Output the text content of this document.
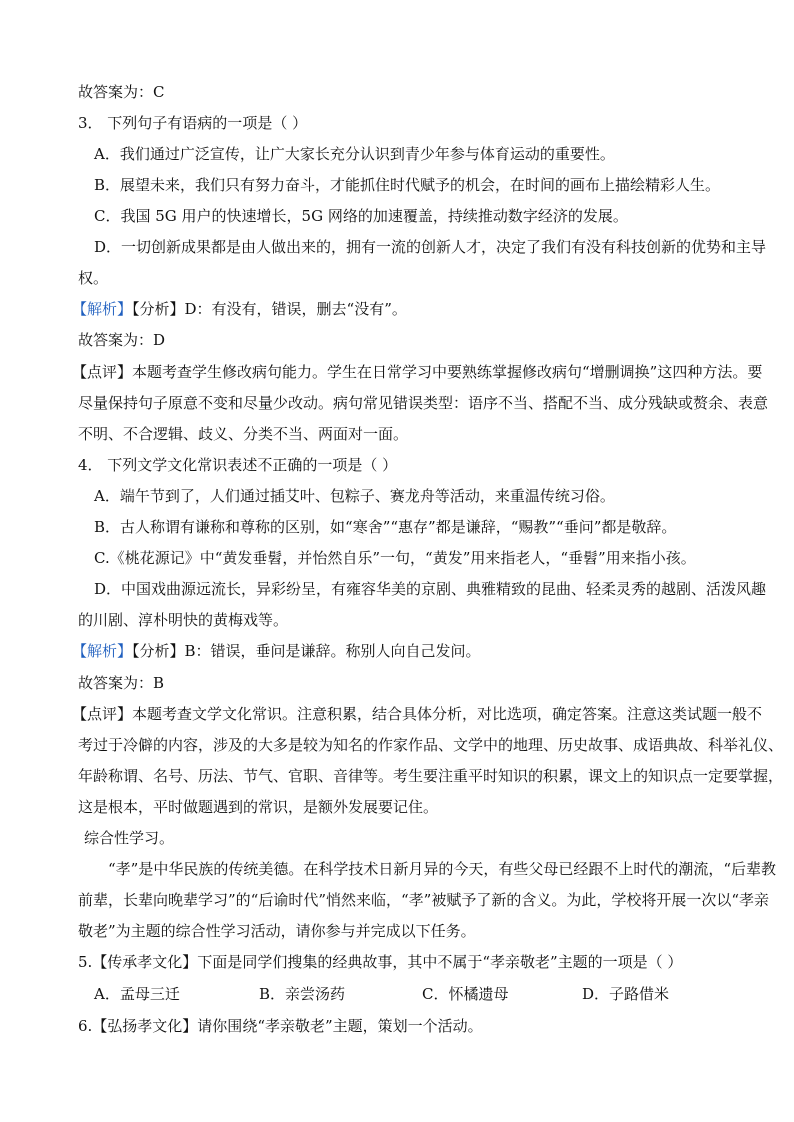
故答案为：C
3． 下列句子有语病的一项是（ ）
A．我们通过广泛宣传，让广大家长充分认识到青少年参与体育运动的重要性。
B．展望未来，我们只有努力奋斗，才能抓住时代赋予的机会，在时间的画布上描绘精彩人生。
C．我国 5G 用户的快速增长，5G 网络的加速覆盖，持续推动数字经济的发展。
D．一切创新成果都是由人做出来的，拥有一流的创新人才，决定了我们有没有科技创新的优势和主导
权。
【解析】【分析】D：有没有，错误，删去“没有”。
故答案为：D
【点评】本题考查学生修改病句能力。学生在日常学习中要熟练掌握修改病句“增删调换”这四种方法。要
尽量保持句子原意不变和尽量少改动。病句常见错误类型：语序不当、搭配不当、成分残缺或赘余、表意
不明、不合逻辑、歧义、分类不当、两面对一面。
4． 下列文学文化常识表述不正确的一项是（ ）
A．端午节到了，人们通过插艾叶、包粽子、赛龙舟等活动，来重温传统习俗。
B．古人称谓有谦称和尊称的区别，如“寒舍”“惠存”都是谦辞，“赐教”“垂问”都是敬辞。
C.《桃花源记》中“黄发垂髫，并怡然自乐”一句，“黄发”用来指老人，“垂髫”用来指小孩。
D．中国戏曲源远流长，异彩纷呈，有雍容华美的京剧、典雅精致的昆曲、轻柔灵秀的越剧、活泼风趣
的川剧、淳朴明快的黄梅戏等。
【解析】【分析】B：错误，垂问是谦辞。称别人向自己发问。
故答案为：B
【点评】本题考查文学文化常识。注意积累，结合具体分析，对比选项，确定答案。注意这类试题一般不
考过于冷僻的内容，涉及的大多是较为知名的作家作品、文学中的地理、历史故事、成语典故、科举礼仪、
年龄称谓、名号、历法、节气、官职、音律等。考生要注重平时知识的积累，课文上的知识点一定要掌握，
这是根本，平时做题遇到的常识，是额外发展要记住。
综合性学习。
“孝”是中华民族的传统美德。在科学技术日新月异的今天，有些父母已经跟不上时代的潮流，“后辈教
前辈，长辈向晚辈学习”的“后谕时代”悄然来临，“孝”被赋予了新的含义。为此，学校将开展一次以“孝亲
敬老”为主题的综合性学习活动，请你参与并完成以下任务。
5.【传承孝文化】下面是同学们搜集的经典故事，其中不属于“孝亲敬老”主题的一项是（ ）
A．孟母三迁	B．亲尝汤药	C．怀橘遗母	D．子路借米
6.【弘扬孝文化】请你围绕“孝亲敬老”主题，策划一个活动。
